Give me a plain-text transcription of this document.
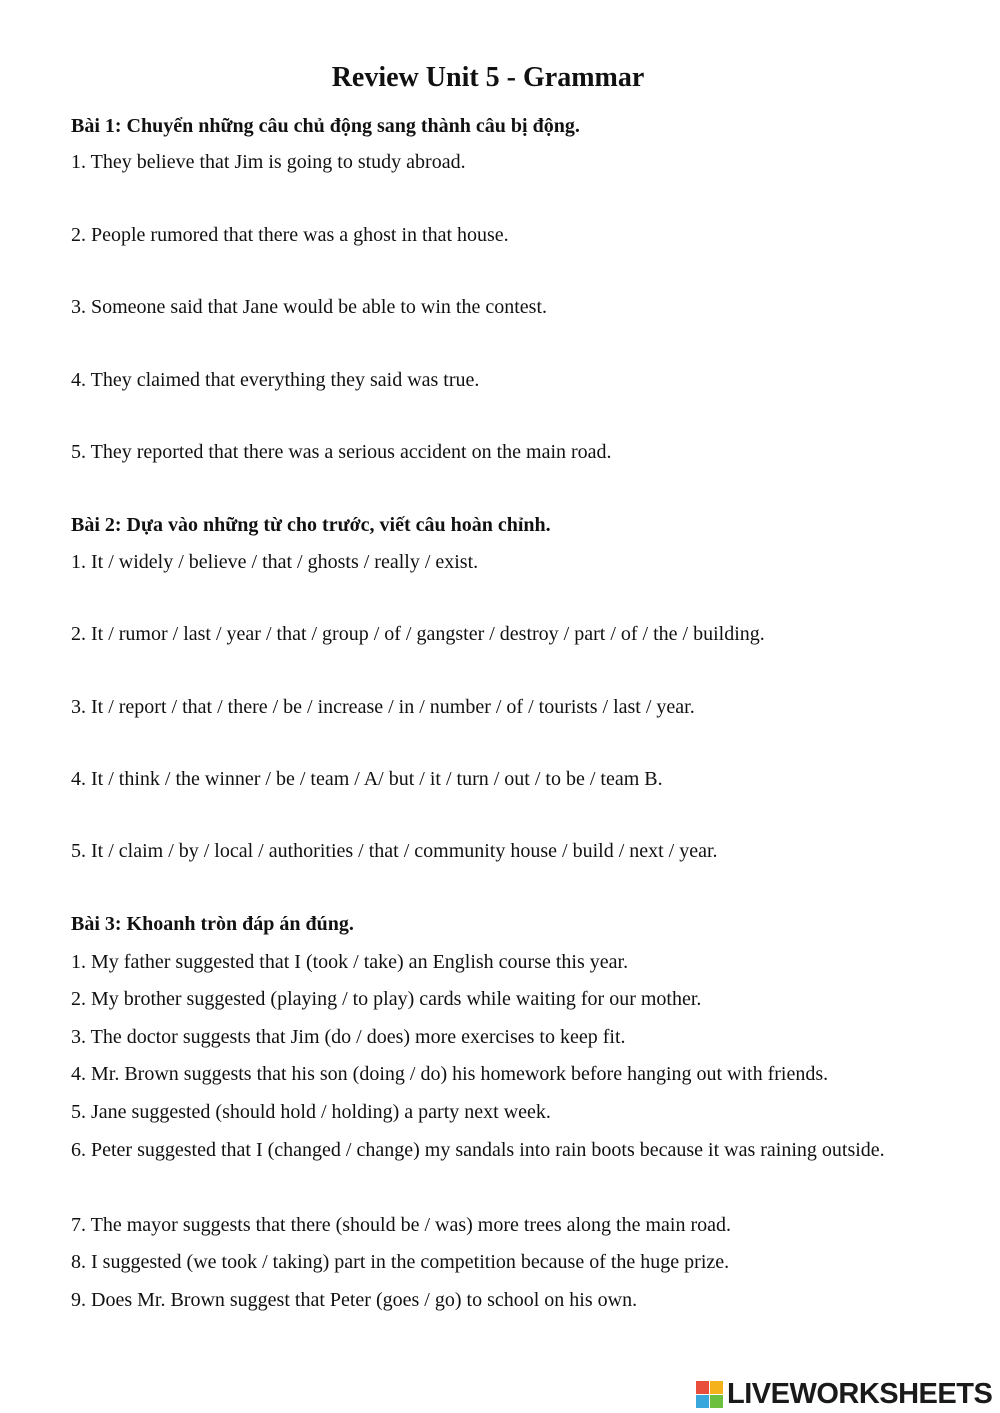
Review Unit 5 - Grammar
Bài 1: Chuyển những câu chủ động sang thành câu bị động.
1. They believe that Jim is going to study abroad.
2. People rumored that there was a ghost in that house.
3. Someone said that Jane would be able to win the contest.
4. They claimed that everything they said was true.
5. They reported that there was a serious accident on the main road.
Bài 2: Dựa vào những từ cho trước, viết câu hoàn chỉnh.
1. It / widely / believe / that / ghosts / really / exist.
2. It / rumor / last / year / that / group / of / gangster / destroy / part / of / the / building.
3. It / report / that / there / be / increase / in / number / of / tourists / last / year.
4. It / think / the winner / be / team / A/ but / it / turn / out / to be / team B.
5. It / claim / by / local / authorities / that / community house / build / next / year.
Bài 3: Khoanh tròn đáp án đúng.
1. My father suggested that I (took / take) an English course this year.
2. My brother suggested (playing / to play) cards while waiting for our mother.
3. The doctor suggests that Jim (do / does) more exercises to keep fit.
4. Mr. Brown suggests that his son (doing / do) his homework before hanging out with friends.
5. Jane suggested (should hold / holding) a party next week.
6. Peter suggested that I (changed / change) my sandals into rain boots because it was raining outside.
7. The mayor suggests that there (should be / was) more trees along the main road.
8. I suggested (we took / taking) part in the competition because of the huge prize.
9. Does Mr. Brown suggest that Peter (goes / go) to school on his own.
LIVEWORKSHEETS
